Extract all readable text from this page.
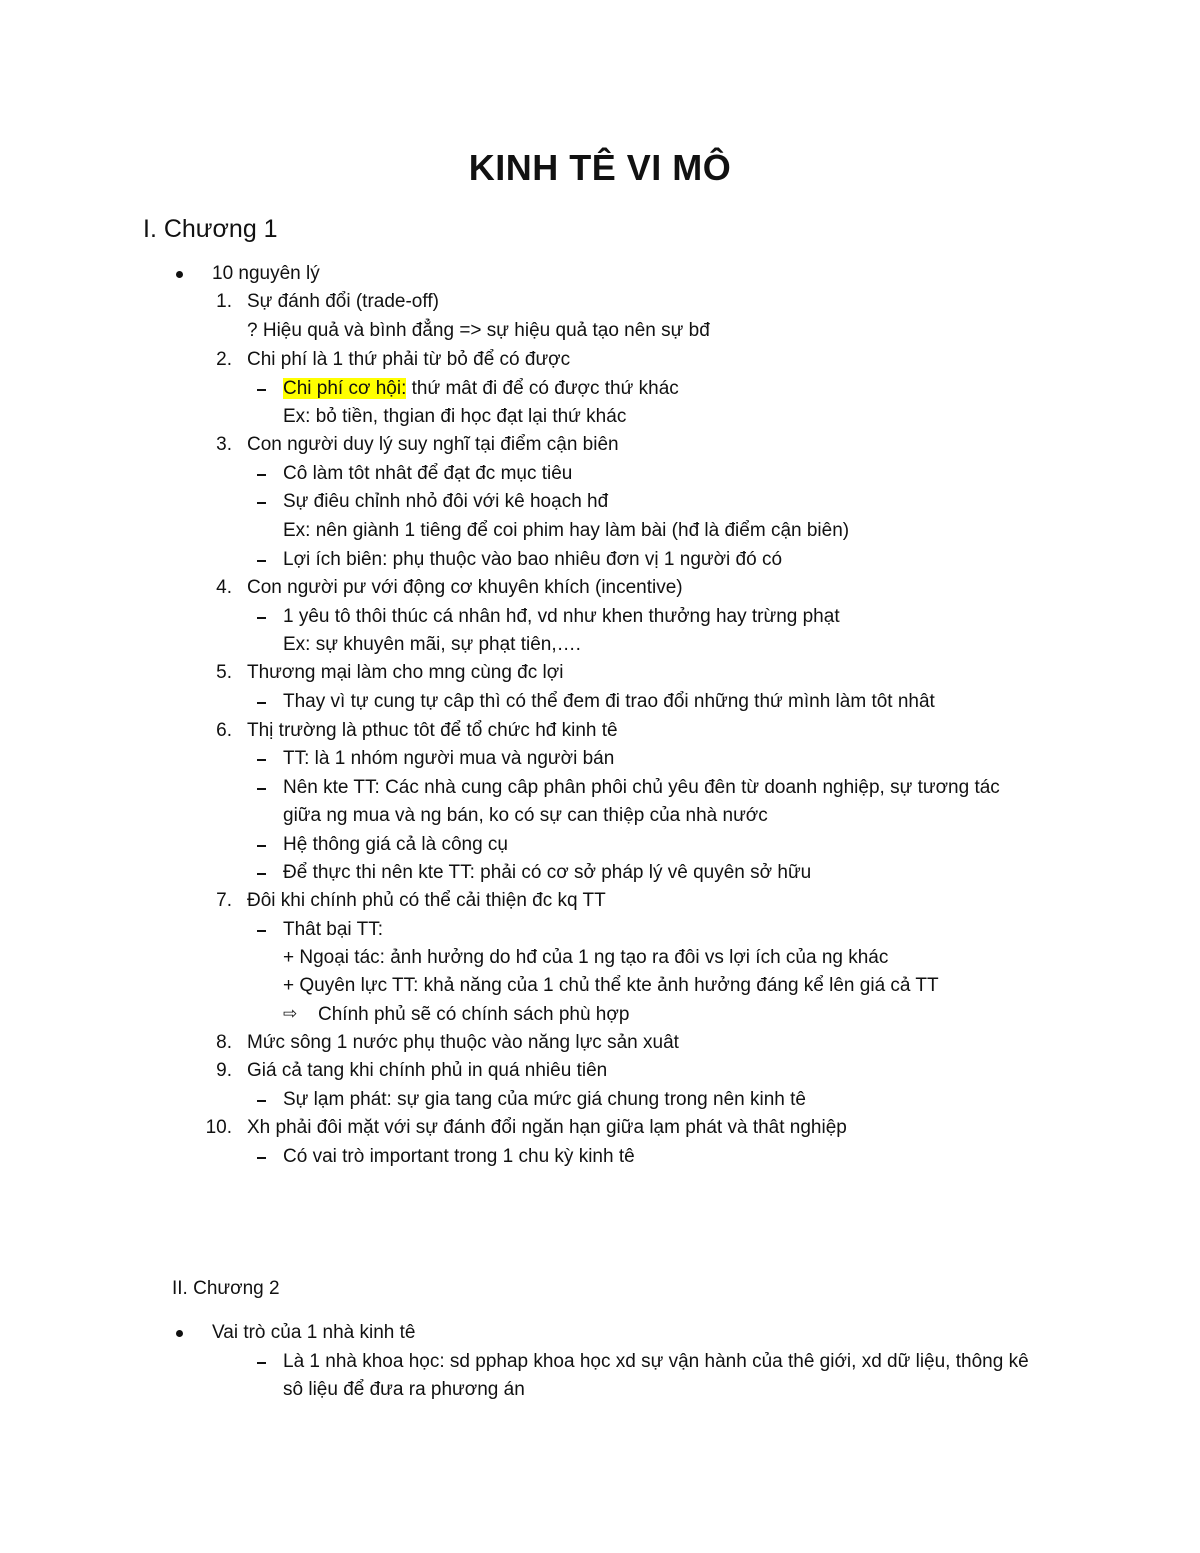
KINH TÊ VI MÔ
I. Chương 1
10 nguyên lý
1. Sự đánh đổi (trade-off)
? Hiệu quả và bình đẳng => sự hiệu quả tạo nên sự bđ
2. Chi phí là 1 thứ phải từ bỏ để có được
Chi phí cơ hội: thứ mât đi để có được thứ khác
Ex: bỏ tiền, thgian đi học đạt lại thứ khác
3. Con người duy lý suy nghĩ tại điểm cận biên
Cô làm tôt nhât để đạt đc mục tiêu
Sự điêu chỉnh nhỏ đôi với kê hoạch hđ
Ex: nên giành 1 tiêng để coi phim hay làm bài (hđ là điểm cận biên)
Lợi ích biên: phụ thuộc vào bao nhiêu đơn vị 1 người đó có
4. Con người pư với động cơ khuyên khích (incentive)
1 yêu tô thôi thúc cá nhân hđ, vd như khen thưởng hay trừng phạt
Ex: sự khuyên mãi, sự phạt tiên,….
5. Thương mại làm cho mng cùng đc lợi
Thay vì tự cung tự câp thì có thể đem đi trao đổi những thứ mình làm tôt nhât
6. Thị trường là pthuc tôt để tổ chức hđ kinh tê
TT: là 1 nhóm người mua và người bán
Nên kte TT: Các nhà cung câp phân phôi chủ yêu đên từ doanh nghiệp, sự tương tác
giữa ng mua và ng bán, ko có sự can thiệp của nhà nước
Hệ thông giá cả là công cụ
Để thực thi nên kte TT: phải có cơ sở pháp lý vê quyên sở hữu
7. Đôi khi chính phủ có thể cải thiện đc kq TT
Thât bại TT:
+ Ngoại tác: ảnh hưởng do hđ của 1 ng tạo ra đôi vs lợi ích của ng khác
+ Quyên lực TT: khả năng của 1 chủ thể kte ảnh hưởng đáng kể lên giá cả TT
⇨ Chính phủ sẽ có chính sách phù hợp
8. Mức sông 1 nước phụ thuộc vào năng lực sản xuât
9. Giá cả tang khi chính phủ in quá nhiêu tiên
Sự lạm phát: sự gia tang của mức giá chung trong nên kinh tê
10. Xh phải đôi mặt với sự đánh đổi ngăn hạn giữa lạm phát và thât nghiệp
Có vai trò important trong 1 chu kỳ kinh tê
II. Chương 2
Vai trò của 1 nhà kinh tê
Là 1 nhà khoa học: sd pphap khoa học xd sự vận hành của thê giới, xd dữ liệu, thông kê
sô liệu để đưa ra phương án
